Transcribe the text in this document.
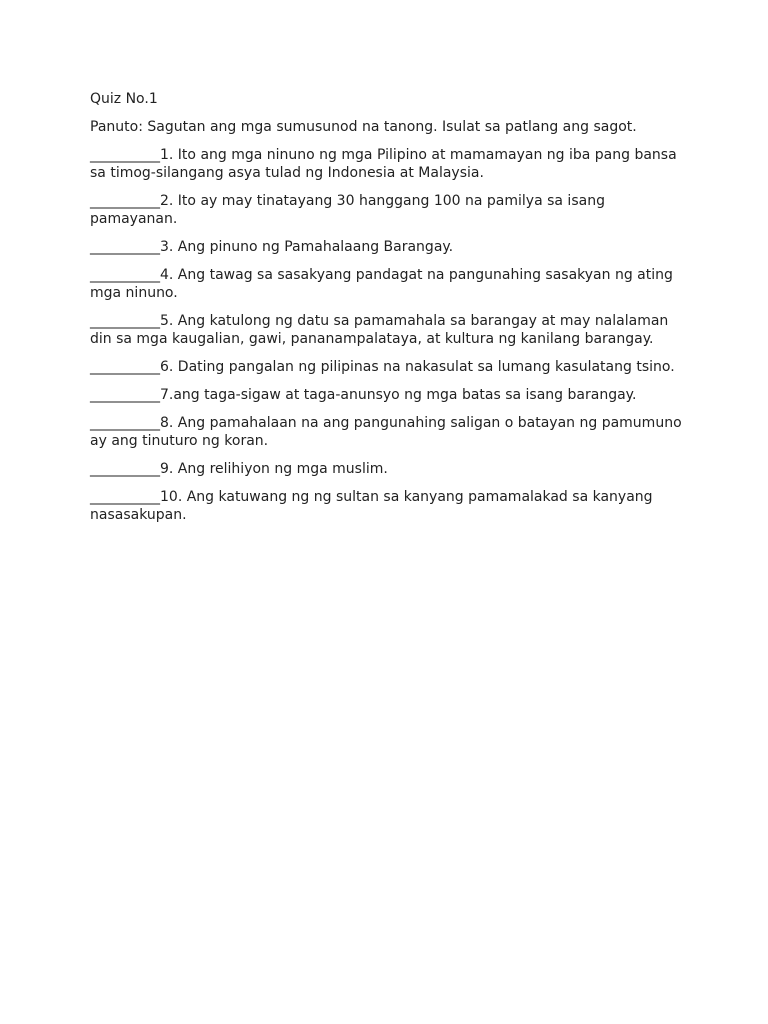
Quiz No.1

Panuto: Sagutan ang mga sumusunod na tanong. Isulat sa patlang ang sagot.

__________1. Ito ang mga ninuno ng mga Pilipino at mamamayan ng iba pang bansa sa timog-silangang asya tulad ng Indonesia at Malaysia.

__________2. Ito ay may tinatayang 30 hanggang 100 na pamilya sa isang pamayanan.

__________3. Ang pinuno ng Pamahalaang Barangay.

__________4. Ang tawag sa sasakyang pandagat na pangunahing sasakyan ng ating mga ninuno.

__________5. Ang katulong ng datu sa pamamahala sa barangay at may nalalaman din sa mga kaugalian, gawi, pananampalataya, at kultura ng kanilang barangay.

__________6. Dating pangalan ng pilipinas na nakasulat sa lumang kasulatang tsino.

__________7.ang taga-sigaw at taga-anunsyo ng mga batas sa isang barangay.

__________8. Ang pamahalaan na ang pangunahing saligan o batayan ng pamumuno ay ang tinuturo ng koran.

__________9. Ang relihiyon ng mga muslim.

__________10. Ang katuwang ng ng sultan sa kanyang pamamalakad sa kanyang nasasakupan.
